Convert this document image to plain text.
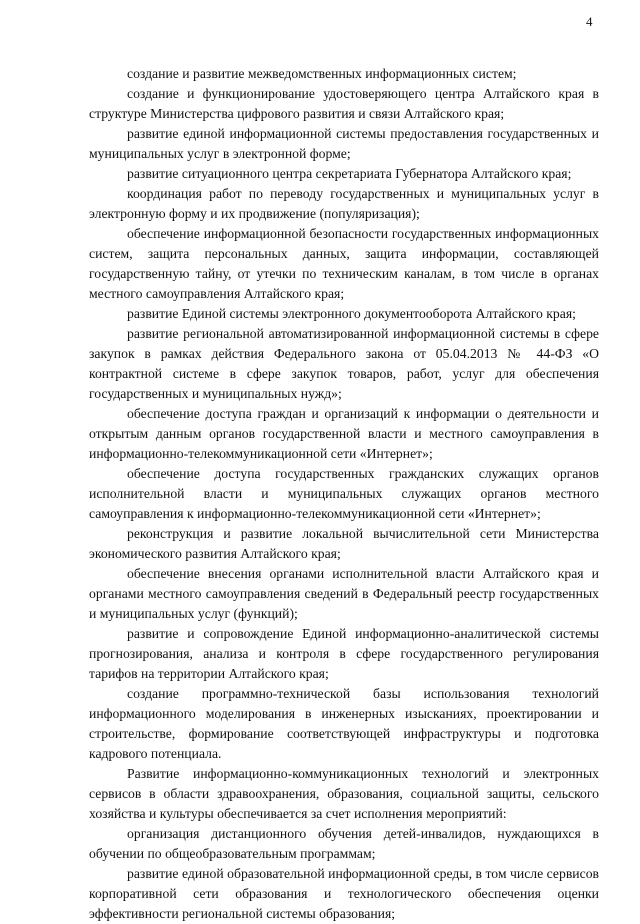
4

создание и развитие межведомственных информационных систем;

создание и функционирование удостоверяющего центра Алтайского края в структуре Министерства цифрового развития и связи Алтайского края;

развитие единой информационной системы предоставления государственных и муниципальных услуг в электронной форме;

развитие ситуационного центра секретариата Губернатора Алтайского края;

координация работ по переводу государственных и муниципальных услуг в электронную форму и их продвижение (популяризация);

обеспечение информационной безопасности государственных информационных систем, защита персональных данных, защита информации, составляющей государственную тайну, от утечки по техническим каналам, в том числе в органах местного самоуправления Алтайского края;

развитие Единой системы электронного документооборота Алтайского края;

развитие региональной автоматизированной информационной системы в сфере закупок в рамках действия Федерального закона от 05.04.2013 № 44-ФЗ «О контрактной системе в сфере закупок товаров, работ, услуг для обеспечения государственных и муниципальных нужд»;

обеспечение доступа граждан и организаций к информации о деятельности и открытым данным органов государственной власти и местного самоуправления в информационно-телекоммуникационной сети «Интернет»;

обеспечение доступа государственных гражданских служащих органов исполнительной власти и муниципальных служащих органов местного самоуправления к информационно-телекоммуникационной сети «Интернет»;

реконструкция и развитие локальной вычислительной сети Министерства экономического развития Алтайского края;

обеспечение внесения органами исполнительной власти Алтайского края и органами местного самоуправления сведений в Федеральный реестр государственных и муниципальных услуг (функций);

развитие и сопровождение Единой информационно-аналитической системы прогнозирования, анализа и контроля в сфере государственного регулирования тарифов на территории Алтайского края;

создание программно-технической базы использования технологий информационного моделирования в инженерных изысканиях, проектировании и строительстве, формирование соответствующей инфраструктуры и подготовка кадрового потенциала.

Развитие информационно-коммуникационных технологий и электронных сервисов в области здравоохранения, образования, социальной защиты, сельского хозяйства и культуры обеспечивается за счет исполнения мероприятий:

организация дистанционного обучения детей-инвалидов, нуждающихся в обучении по общеобразовательным программам;

развитие единой образовательной информационной среды, в том числе сервисов корпоративной сети образования и технологического обеспечения оценки эффективности региональной системы образования;
